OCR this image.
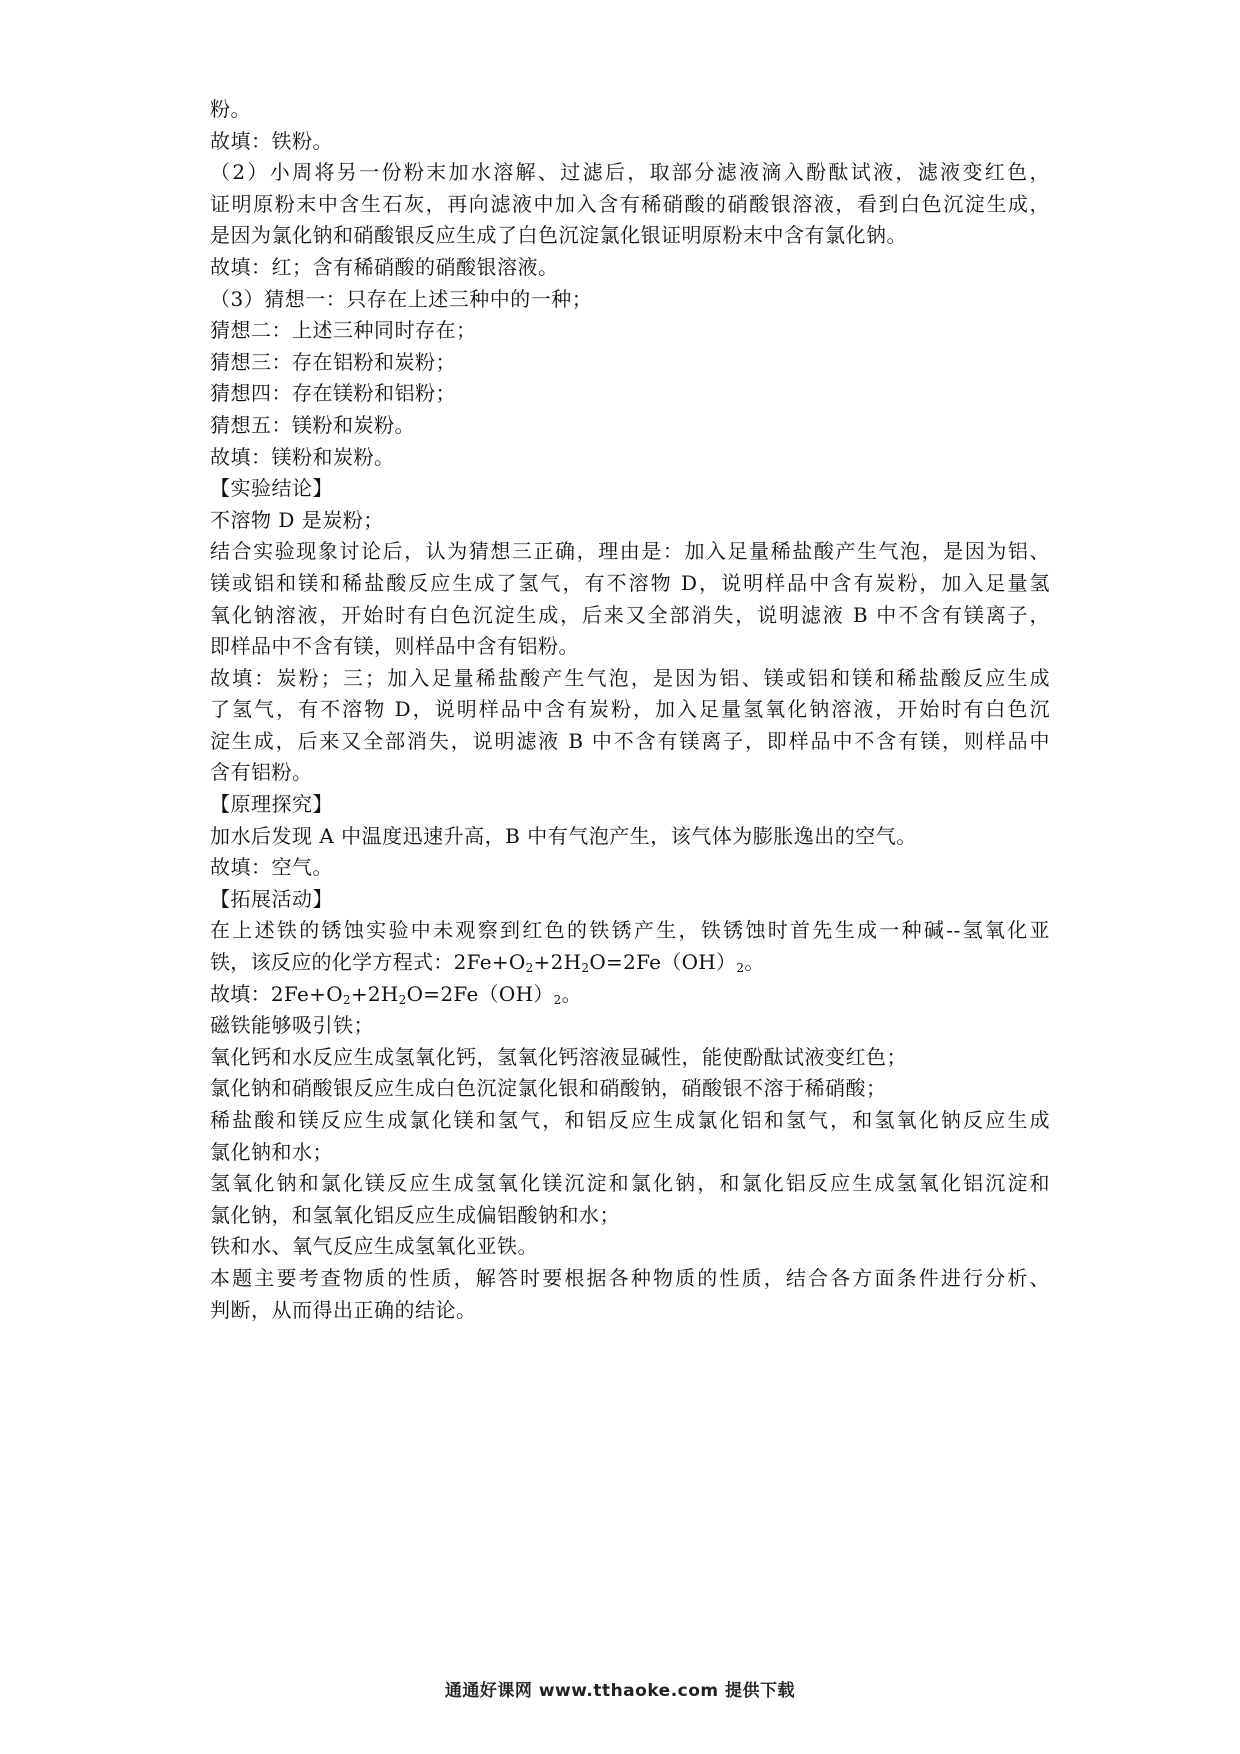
粉。
故填：铁粉。
（2）小周将另一份粉末加水溶解、过滤后，取部分滤液滴入酚酞试液，滤液变红色，
证明原粉末中含生石灰，再向滤液中加入含有稀硝酸的硝酸银溶液，看到白色沉淀生成，
是因为氯化钠和硝酸银反应生成了白色沉淀氯化银证明原粉末中含有氯化钠。
故填：红；含有稀硝酸的硝酸银溶液。
（3）猜想一：只存在上述三种中的一种；
猜想二：上述三种同时存在；
猜想三：存在铝粉和炭粉；
猜想四：存在镁粉和铝粉；
猜想五：镁粉和炭粉。
故填：镁粉和炭粉。
【实验结论】
不溶物 D 是炭粉；
结合实验现象讨论后，认为猜想三正确，理由是：加入足量稀盐酸产生气泡，是因为铝、
镁或铝和镁和稀盐酸反应生成了氢气，有不溶物 D，说明样品中含有炭粉，加入足量氢
氧化钠溶液，开始时有白色沉淀生成，后来又全部消失，说明滤液 B 中不含有镁离子，
即样品中不含有镁，则样品中含有铝粉。
故填：炭粉；三；加入足量稀盐酸产生气泡，是因为铝、镁或铝和镁和稀盐酸反应生成
了氢气，有不溶物 D，说明样品中含有炭粉，加入足量氢氧化钠溶液，开始时有白色沉
淀生成，后来又全部消失，说明滤液 B 中不含有镁离子，即样品中不含有镁，则样品中
含有铝粉。
【原理探究】
加水后发现 A 中温度迅速升高，B 中有气泡产生，该气体为膨胀逸出的空气。
故填：空气。
【拓展活动】
在上述铁的锈蚀实验中未观察到红色的铁锈产生，铁锈蚀时首先生成一种碱--氢氧化亚
铁，该反应的化学方程式：$2Fe+O_2+2H_2O=2Fe(OH)_2$。
故填：$2Fe+O_2+2H_2O=2Fe(OH)_2$。
磁铁能够吸引铁；
氧化钙和水反应生成氢氧化钙，氢氧化钙溶液显碱性，能使酚酞试液变红色；
氯化钠和硝酸银反应生成白色沉淀氯化银和硝酸钠，硝酸银不溶于稀硝酸；
稀盐酸和镁反应生成氯化镁和氢气，和铝反应生成氯化铝和氢气，和氢氧化钠反应生成
氯化钠和水；
氢氧化钠和氯化镁反应生成氢氧化镁沉淀和氯化钠，和氯化铝反应生成氢氧化铝沉淀和
氯化钠，和氢氧化铝反应生成偏铝酸钠和水；
铁和水、氧气反应生成氢氧化亚铁。
本题主要考查物质的性质，解答时要根据各种物质的性质，结合各方面条件进行分析、
判断，从而得出正确的结论。
通通好课网 www.tthaoke.com 提供下载
